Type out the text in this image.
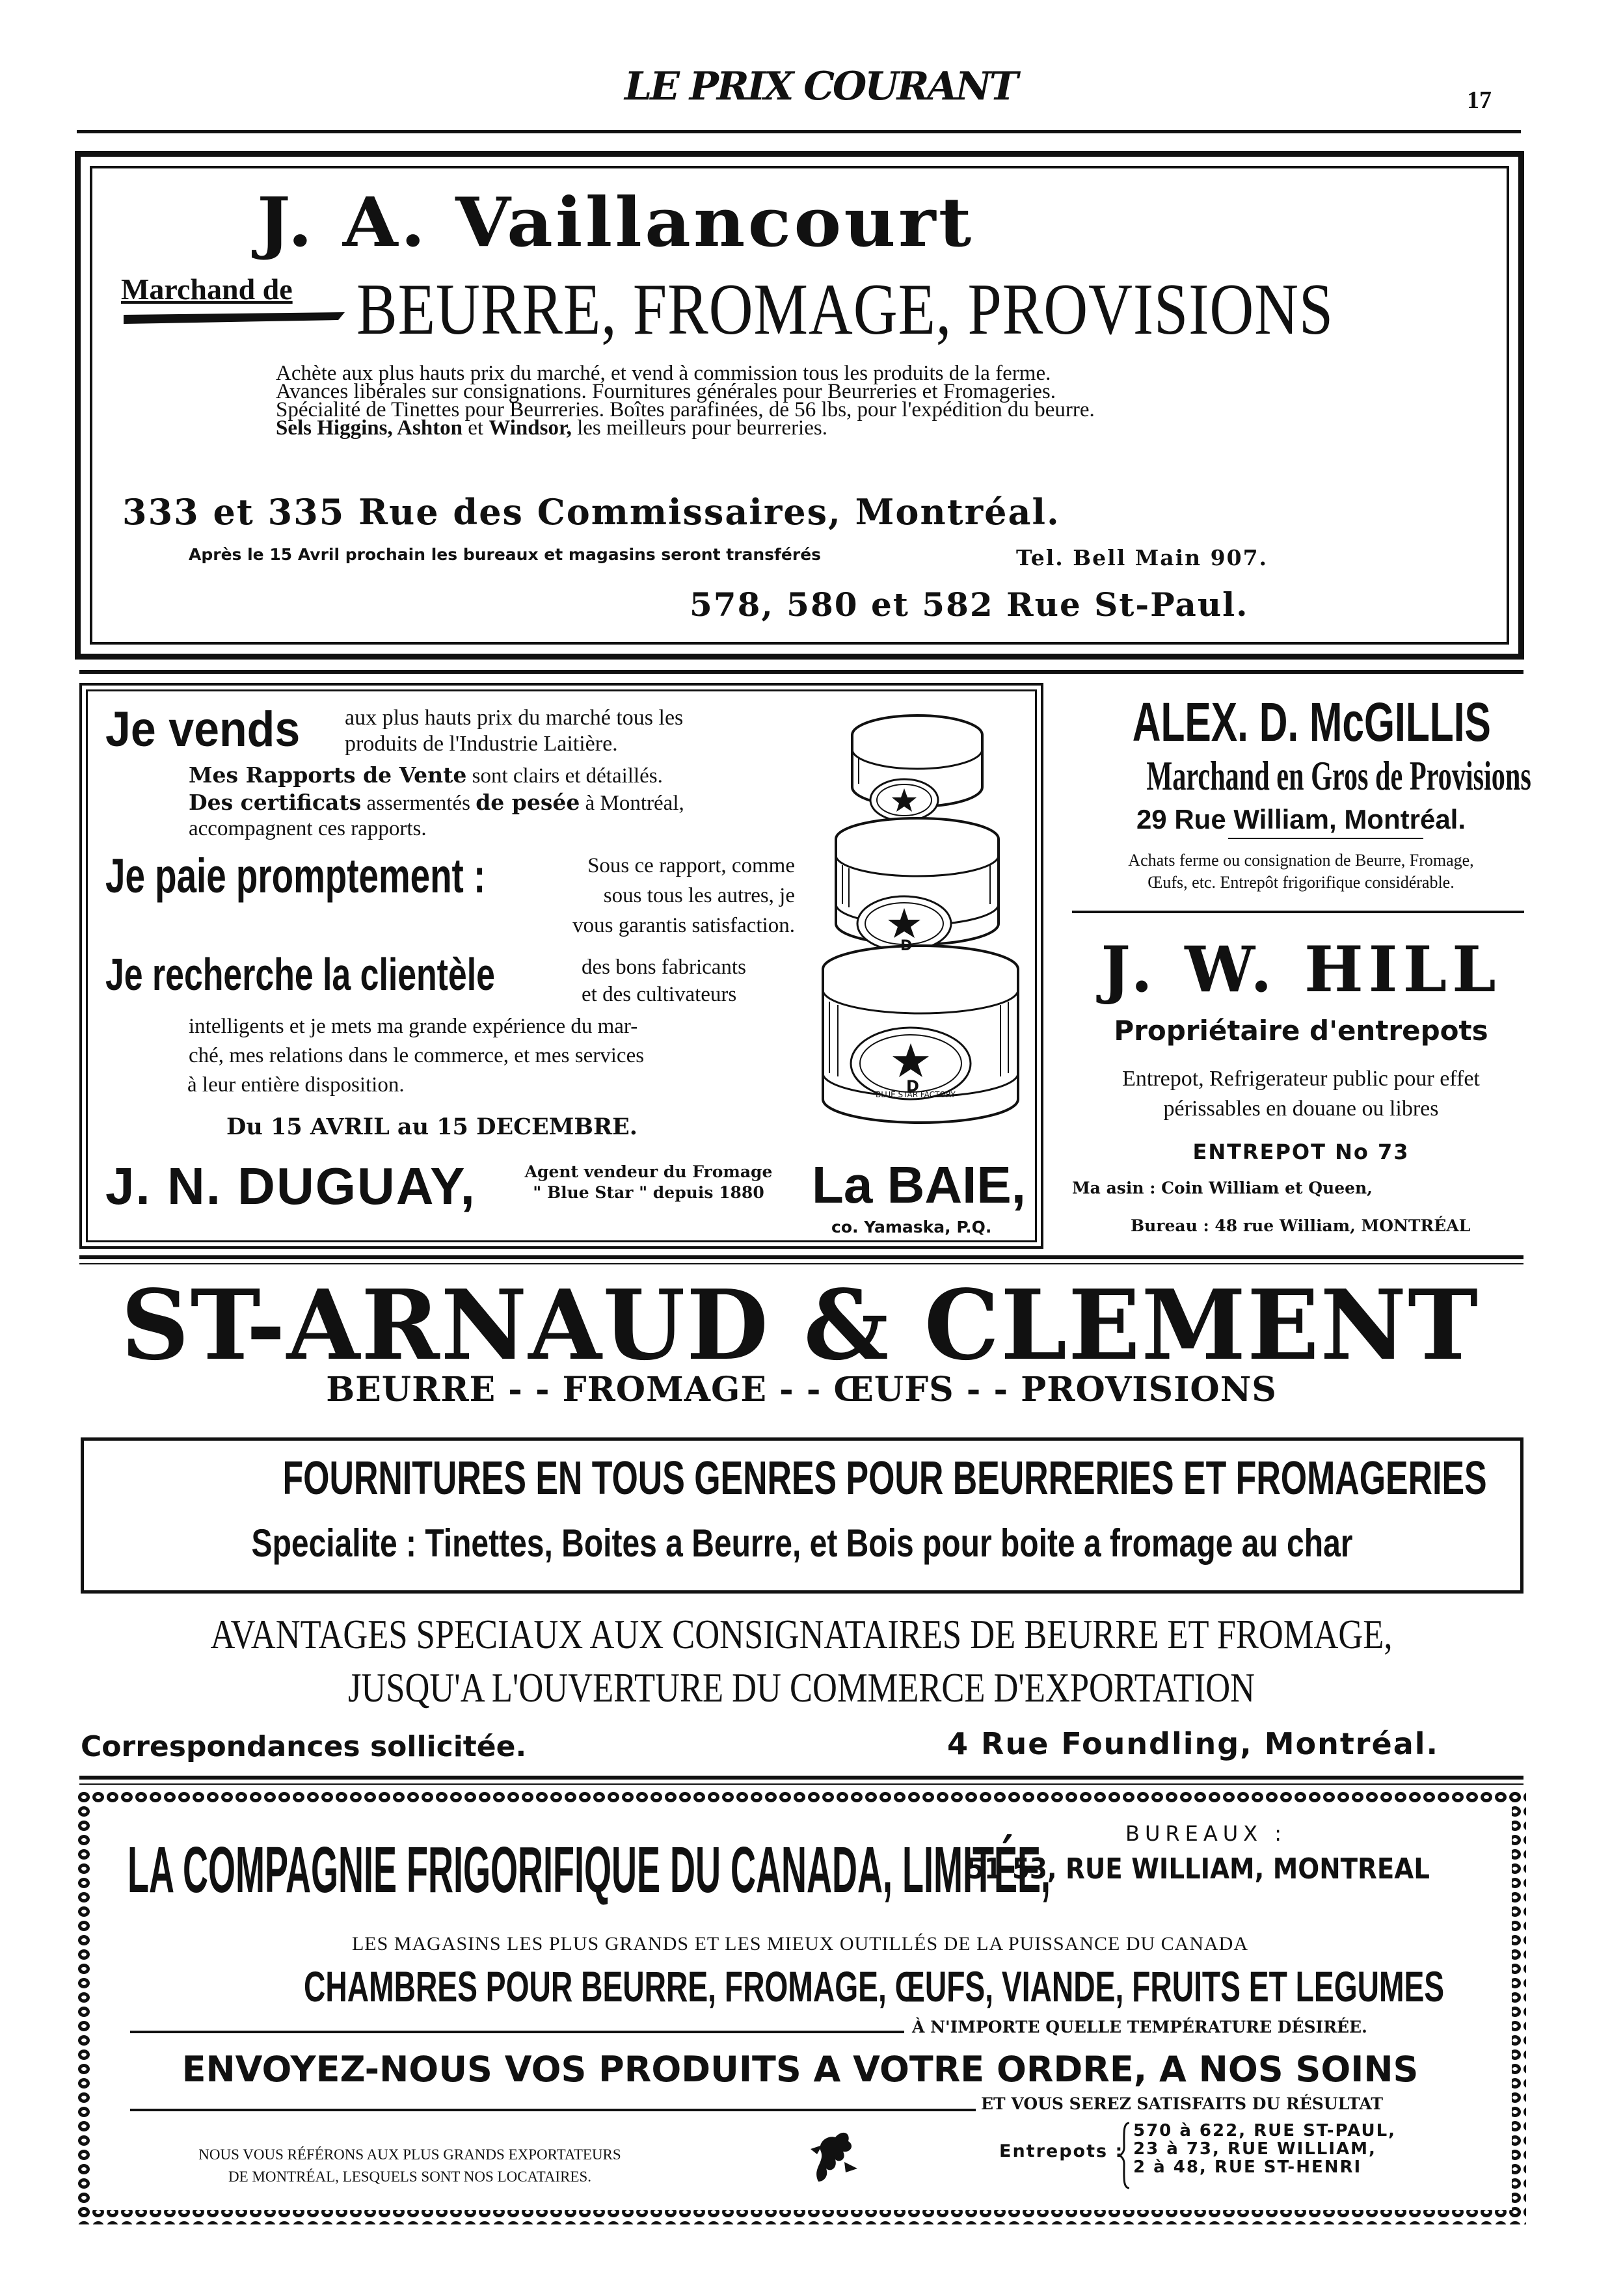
LE PRIX COURANT	17
J. A. Vaillancourt
Marchand de BEURRE, FROMAGE, PROVISIONS
Achète aux plus hauts prix du marché, et vend à commission tous les produits de la ferme.
Avances libérales sur consignations. Fournitures générales pour Beurreries et Fromageries.
Spécialité de Tinettes pour Beurreries. Boîtes parafinées, de 56 lbs, pour l'expédition du beurre.
Sels Higgins, Ashton et Windsor, les meilleurs pour beurreries.
333 et 335 Rue des Commissaires, Montréal.
Après le 15 Avril prochain les bureaux et magasins seront transférés	Tel. Bell Main 907.
578, 580 et 582 Rue St-Paul.
Je vends aux plus hauts prix du marché tous les
produits de l'Industrie Laitière.
Mes Rapports de Vente sont clairs et détaillés.
Des certificats assermentés de pesée à Montréal,
accompagnent ces rapports.
Je paie promptement :	Sous ce rapport, comme
sous tous les autres, je
vous garantis satisfaction.
Je recherche la clientèle	des bons fabricants
et des cultivateurs
intelligents et je mets ma grande expérience du mar-
ché, mes relations dans le commerce, et mes services
à leur entière disposition.
Du 15 AVRIL au 15 DECEMBRE.
J. N. DUGUAY,	Agent vendeur du Fromage
" Blue Star " depuis 1880 La BAIE,
co. Yamaska, P.Q.
D
D
BLUE STAR FACTORY
ALEX. D. McGILLIS
Marchand en Gros de Provisions
29 Rue William, Montréal.
Achats ferme ou consignation de Beurre, Fromage,
Œufs, etc. Entrepôt frigorifique considérable.
J. W. HILL
Propriétaire d'entrepots
Entrepot, Refrigerateur public pour effet
périssables en douane ou libres
ENTREPOT No 73
Ma asin : Coin William et Queen,
Bureau : 48 rue William, MONTRÉAL
ST-ARNAUD & CLEMENT
BEURRE - - FROMAGE - - ŒUFS - - PROVISIONS
FOURNITURES EN TOUS GENRES POUR BEURRERIES ET FROMAGERIES
Specialite : Tinettes, Boites a Beurre, et Bois pour boite a fromage au char
AVANTAGES SPECIAUX AUX CONSIGNATAIRES DE BEURRE ET FROMAGE,
JUSQU'A L'OUVERTURE DU COMMERCE D'EXPORTATION
Correspondances sollicitée.	4 Rue Foundling, Montréal.
BUREAUX :
LA COMPAGNIE FRIGORIFIQUE DU CANADA, LIMITÉE,
51-53, RUE WILLIAM, MONTREAL
LES MAGASINS LES PLUS GRANDS ET LES MIEUX OUTILLÉS DE LA PUISSANCE DU CANADA
CHAMBRES POUR BEURRE, FROMAGE, ŒUFS, VIANDE, FRUITS ET LEGUMES
À N'IMPORTE QUELLE TEMPÉRATURE DÉSIRÉE.
ENVOYEZ-NOUS VOS PRODUITS A VOTRE ORDRE, A NOS SOINS
ET VOUS SEREZ SATISFAITS DU RÉSULTAT
NOUS VOUS RÉFÉRONS AUX PLUS GRANDS EXPORTATEURS
DE MONTRÉAL, LESQUELS SONT NOS LOCATAIRES.
Entrepots :
570 à 622, RUE ST-PAUL,
23 à 73, RUE WILLIAM,
2 à 48, RUE ST-HENRI
